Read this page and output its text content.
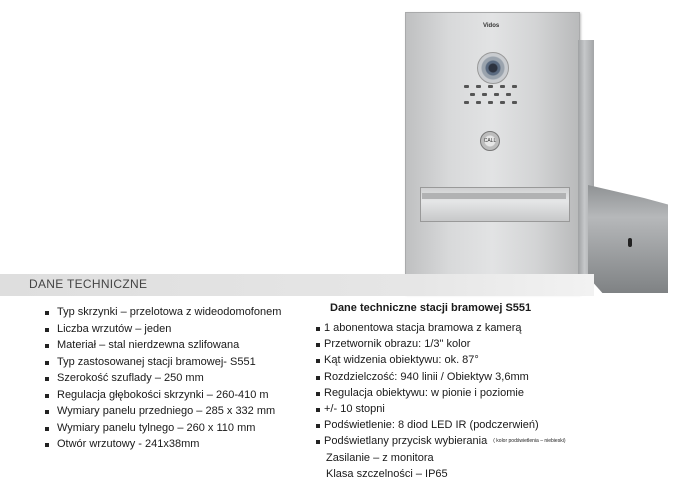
Vidos
CALL
DANE TECHNICZNE
Typ skrzynki – przelotowa z wideodomofonem
Liczba wrzutów – jeden
Materiał – stal nierdzewna szlifowana
Typ zastosowanej stacji bramowej- S551
Szerokość szuflady – 250 mm
Regulacja głębokości skrzynki – 260-410 m
Wymiary panelu przedniego – 285 x 332 mm
Wymiary panelu tylnego – 260 x 110 mm
Otwór wrzutowy - 241x38mm
Dane techniczne stacji bramowej S551
1 abonentowa stacja bramowa z kamerą
Przetwornik obrazu: 1/3" kolor
Kąt widzenia obiektywu: ok. 87°
Rozdzielczość: 940 linii / Obiektyw 3,6mm
Regulacja obiektywu: w pionie i poziomie
+/- 10 stopni
Podświetlenie: 8 diod LED IR (podczerwień)
Podświetlany przycisk wybierania ( kolor podświetlenia – niebieski)
Zasilanie – z monitora
Klasa szczelności – IP65
